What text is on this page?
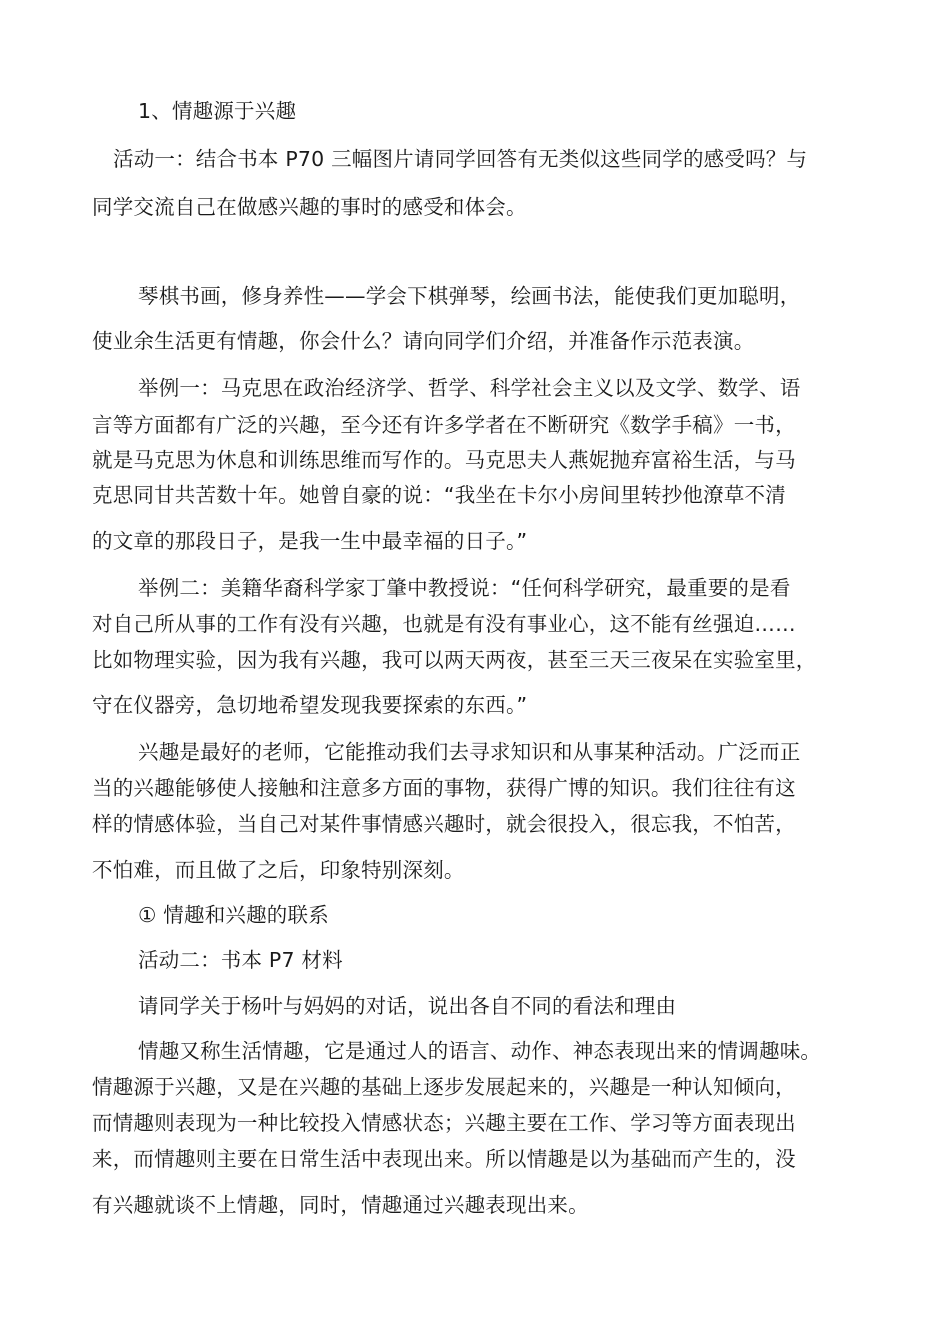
1、情趣源于兴趣
活动一：结合书本 P70 三幅图片请同学回答有无类似这些同学的感受吗？与
同学交流自己在做感兴趣的事时的感受和体会。
琴棋书画，修身养性——学会下棋弹琴，绘画书法，能使我们更加聪明，
使业余生活更有情趣，你会什么？请向同学们介绍，并准备作示范表演。
举例一：马克思在政治经济学、哲学、科学社会主义以及文学、数学、语
言等方面都有广泛的兴趣，至今还有许多学者在不断研究《数学手稿》一书，
就是马克思为休息和训练思维而写作的。马克思夫人燕妮抛弃富裕生活，与马
克思同甘共苦数十年。她曾自豪的说：“我坐在卡尔小房间里转抄他潦草不清
的文章的那段日子，是我一生中最幸福的日子。”
举例二：美籍华裔科学家丁肇中教授说：“任何科学研究，最重要的是看
对自己所从事的工作有没有兴趣，也就是有没有事业心，这不能有丝强迫……
比如物理实验，因为我有兴趣，我可以两天两夜，甚至三天三夜呆在实验室里，
守在仪器旁，急切地希望发现我要探索的东西。”
兴趣是最好的老师，它能推动我们去寻求知识和从事某种活动。广泛而正
当的兴趣能够使人接触和注意多方面的事物，获得广博的知识。我们往往有这
样的情感体验，当自己对某件事情感兴趣时，就会很投入，很忘我，不怕苦，
不怕难，而且做了之后，印象特别深刻。
① 情趣和兴趣的联系
活动二：书本 P7 材料
请同学关于杨叶与妈妈的对话，说出各自不同的看法和理由
情趣又称生活情趣，它是通过人的语言、动作、神态表现出来的情调趣味。
情趣源于兴趣，又是在兴趣的基础上逐步发展起来的，兴趣是一种认知倾向，
而情趣则表现为一种比较投入情感状态；兴趣主要在工作、学习等方面表现出
来，而情趣则主要在日常生活中表现出来。所以情趣是以为基础而产生的，没
有兴趣就谈不上情趣，同时，情趣通过兴趣表现出来。
